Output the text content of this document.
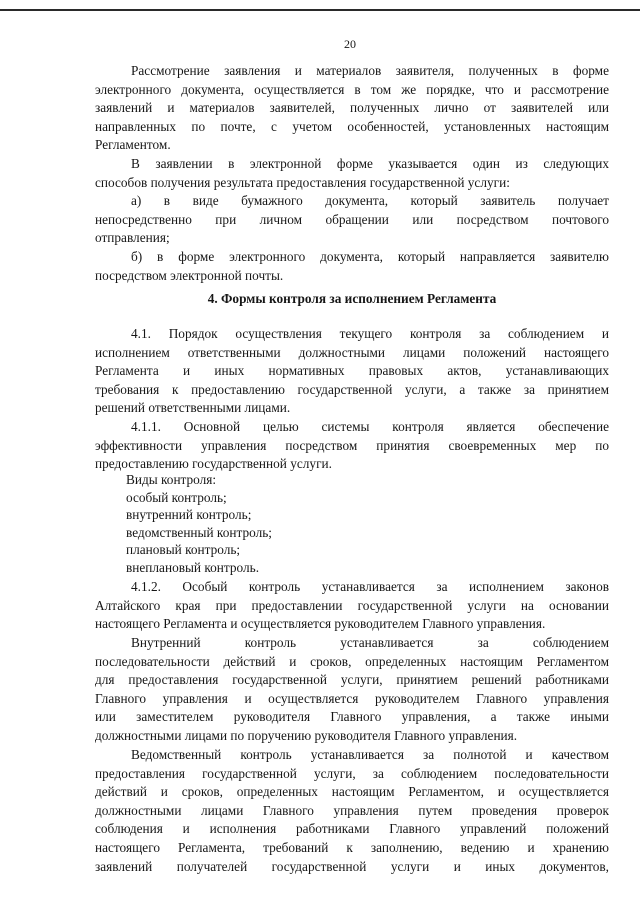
20
Рассмотрение заявления и материалов заявителя, полученных в форме
электронного документа, осуществляется в том же порядке, что и рассмотрение
заявлений и материалов заявителей, полученных лично от заявителей или
направленных по почте, с учетом особенностей, установленных настоящим
Регламентом.
В заявлении в электронной форме указывается один из следующих
способов получения результата предоставления государственной услуги:
а) в виде бумажного документа, который заявитель получает
непосредственно при личном обращении или посредством почтового
отправления;
б) в форме электронного документа, который направляется заявителю
посредством электронной почты.
4. Формы контроля за исполнением Регламента
4.1. Порядок осуществления текущего контроля за соблюдением и
исполнением ответственными должностными лицами положений настоящего
Регламента и иных нормативных правовых актов, устанавливающих
требования к предоставлению государственной услуги, а также за принятием
решений ответственными лицами.
4.1.1. Основной целью системы контроля является обеспечение
эффективности управления посредством принятия своевременных мер по
предоставлению государственной услуги.
Виды контроля:
особый контроль;
внутренний контроль;
ведомственный контроль;
плановый контроль;
внеплановый контроль.
4.1.2. Особый контроль устанавливается за исполнением законов
Алтайского края при предоставлении государственной услуги на основании
настоящего Регламента и осуществляется руководителем Главного управления.
Внутренний контроль устанавливается за соблюдением
последовательности действий и сроков, определенных настоящим Регламентом
для предоставления государственной услуги, принятием решений работниками
Главного управления и осуществляется руководителем Главного управления
или заместителем руководителя Главного управления, а также иными
должностными лицами по поручению руководителя Главного управления.
Ведомственный контроль устанавливается за полнотой и качеством
предоставления государственной услуги, за соблюдением последовательности
действий и сроков, определенных настоящим Регламентом, и осуществляется
должностными лицами Главного управления путем проведения проверок
соблюдения и исполнения работниками Главного управлений положений
настоящего Регламента, требований к заполнению, ведению и хранению
заявлений получателей государственной услуги и иных документов,
